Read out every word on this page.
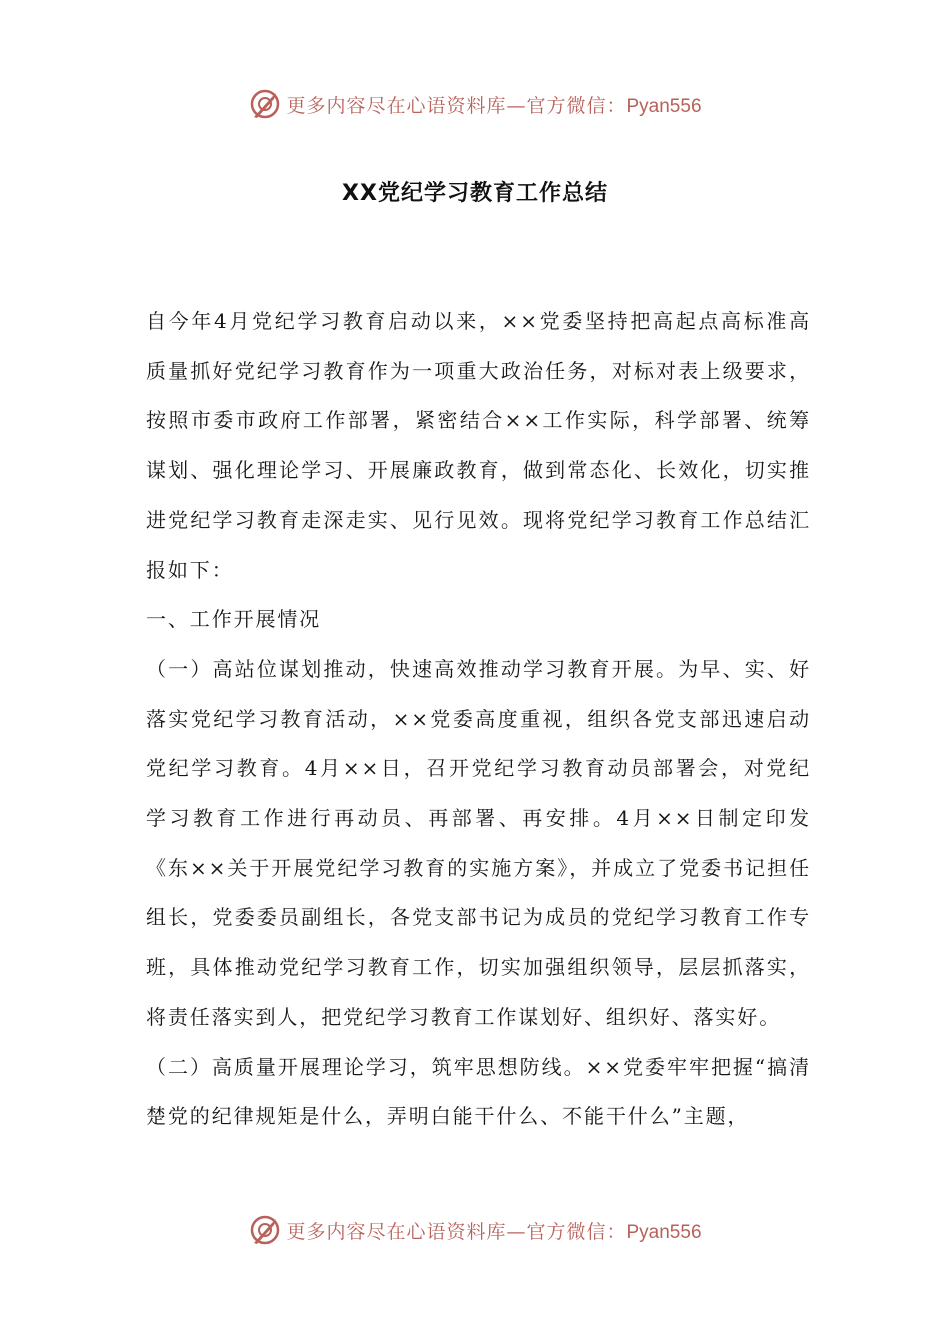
更多内容尽在心语资料库—官方微信：Pyan556
XX党纪学习教育工作总结

自今年4月党纪学习教育启动以来，××党委坚持把高起点高标准高质量抓好党纪学习教育作为一项重大政治任务，对标对表上级要求，按照市委市政府工作部署，紧密结合××工作实际，科学部署、统筹谋划、强化理论学习、开展廉政教育，做到常态化、长效化，切实推进党纪学习教育走深走实、见行见效。现将党纪学习教育工作总结汇报如下：

一、工作开展情况

（一）高站位谋划推动，快速高效推动学习教育开展。为早、实、好落实党纪学习教育活动，××党委高度重视，组织各党支部迅速启动党纪学习教育。4月××日，召开党纪学习教育动员部署会，对党纪学习教育工作进行再动员、再部署、再安排。4月××日制定印发《东××关于开展党纪学习教育的实施方案》，并成立了党委书记担任组长，党委委员副组长，各党支部书记为成员的党纪学习教育工作专班，具体推动党纪学习教育工作，切实加强组织领导，层层抓落实，将责任落实到人，把党纪学习教育工作谋划好、组织好、落实好。

（二）高质量开展理论学习，筑牢思想防线。××党委牢牢把握“搞清楚党的纪律规矩是什么，弄明白能干什么、不能干什么”主题，

更多内容尽在心语资料库—官方微信：Pyan556
